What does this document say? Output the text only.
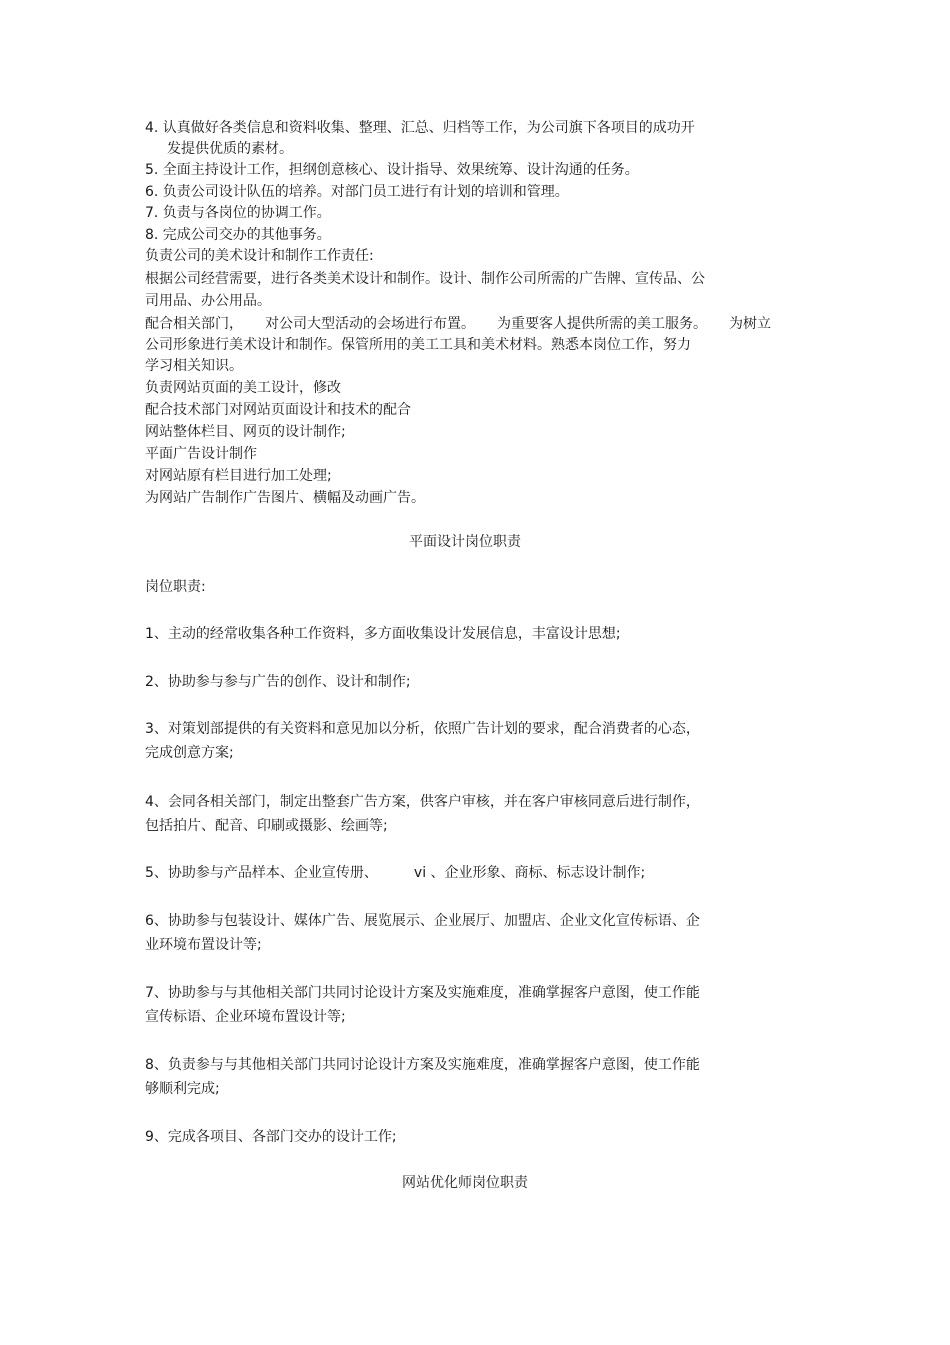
4. 认真做好各类信息和资料收集、整理、汇总、归档等工作，为公司旗下各项目的成功开
发提供优质的素材。
5. 全面主持设计工作，担纲创意核心、设计指导、效果统筹、设计沟通的任务。
6. 负责公司设计队伍的培养。对部门员工进行有计划的培训和管理。
7. 负责与各岗位的协调工作。
8. 完成公司交办的其他事务。
负责公司的美术设计和制作工作责任:
根据公司经营需要，进行各类美术设计和制作。设计、制作公司所需的广告牌、宣传品、公
司用品、办公用品。
配合相关部门， 对公司大型活动的会场进行布置。 为重要客人提供所需的美工服务。 为树立
公司形象进行美术设计和制作。保管所用的美工工具和美术材料。熟悉本岗位工作，努力
学习相关知识。
负责网站页面的美工设计，修改
配合技术部门对网站页面设计和技术的配合
网站整体栏目、网页的设计制作;
平面广告设计制作
对网站原有栏目进行加工处理;
为网站广告制作广告图片、横幅及动画广告。
平面设计岗位职责
岗位职责:
1、主动的经常收集各种工作资料，多方面收集设计发展信息，丰富设计思想;
2、协助参与参与广告的创作、设计和制作;
3、对策划部提供的有关资料和意见加以分析，依照广告计划的要求，配合消费者的心态，
完成创意方案;
4、会同各相关部门，制定出整套广告方案，供客户审核，并在客户审核同意后进行制作，
包括拍片、配音、印刷或摄影、绘画等;
5、协助参与产品样本、企业宣传册、	vi 、企业形象、商标、标志设计制作;
6、协助参与包装设计、媒体广告、展览展示、企业展厅、加盟店、企业文化宣传标语、企
业环境布置设计等;
7、协助参与与其他相关部门共同讨论设计方案及实施难度，准确掌握客户意图，使工作能
宣传标语、企业环境布置设计等;
8、负责参与与其他相关部门共同讨论设计方案及实施难度，准确掌握客户意图，使工作能
够顺利完成;
9、完成各项目、各部门交办的设计工作;
网站优化师岗位职责
